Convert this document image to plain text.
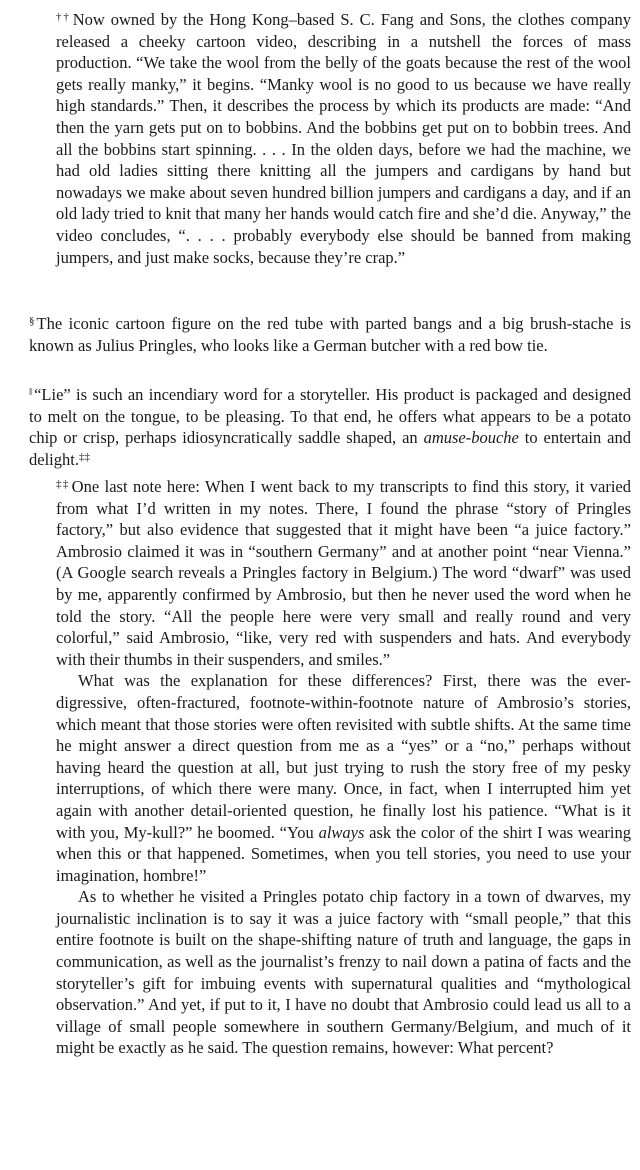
†† Now owned by the Hong Kong–based S. C. Fang and Sons, the clothes company released a cheeky cartoon video, describing in a nutshell the forces of mass production. “We take the wool from the belly of the goats because the rest of the wool gets really manky,” it begins. “Manky wool is no good to us because we have really high standards.” Then, it describes the process by which its products are made: “And then the yarn gets put on to bobbins. And the bobbins get put on to bobbin trees. And all the bobbins start spinning. . . . In the olden days, before we had the machine, we had old ladies sitting there knitting all the jumpers and cardigans by hand but nowadays we make about seven hundred billion jumpers and cardigans a day, and if an old lady tried to knit that many her hands would catch fire and she’d die. Anyway,” the video concludes, “. . . . probably everybody else should be banned from making jumpers, and just make socks, because they’re crap.”

§ The iconic cartoon figure on the red tube with parted bangs and a big brush-stache is known as Julius Pringles, who looks like a German butcher with a red bow tie.

‖ “Lie” is such an incendiary word for a storyteller. His product is packaged and designed to melt on the tongue, to be pleasing. To that end, he offers what appears to be a potato chip or crisp, perhaps idiosyncratically saddle shaped, an amuse-bouche to entertain and delight.‡‡

‡‡ One last note here: When I went back to my transcripts to find this story, it varied from what I’d written in my notes. There, I found the phrase “story of Pringles factory,” but also evidence that suggested that it might have been “a juice factory.” Ambrosio claimed it was in “southern Germany” and at another point “near Vienna.” (A Google search reveals a Pringles factory in Belgium.) The word “dwarf” was used by me, apparently confirmed by Ambrosio, but then he never used the word when he told the story. “All the people here were very small and really round and very colorful,” said Ambrosio, “like, very red with suspenders and hats. And everybody with their thumbs in their suspenders, and smiles.”

What was the explanation for these differences? First, there was the ever-digressive, often-fractured, footnote-within-footnote nature of Ambrosio’s stories, which meant that those stories were often revisited with subtle shifts. At the same time he might answer a direct question from me as a “yes” or a “no,” perhaps without having heard the question at all, but just trying to rush the story free of my pesky interruptions, of which there were many. Once, in fact, when I interrupted him yet again with another detail-oriented question, he finally lost his patience. “What is it with you, My-kull?” he boomed. “You always ask the color of the shirt I was wearing when this or that happened. Sometimes, when you tell stories, you need to use your imagination, hombre!”

As to whether he visited a Pringles potato chip factory in a town of dwarves, my journalistic inclination is to say it was a juice factory with “small people,” that this entire footnote is built on the shape-shifting nature of truth and language, the gaps in communication, as well as the journalist’s frenzy to nail down a patina of facts and the storyteller’s gift for imbuing events with supernatural qualities and “mythological observation.” And yet, if put to it, I have no doubt that Ambrosio could lead us all to a village of small people somewhere in southern Germany/Belgium, and much of it might be exactly as he said. The question remains, however: What percent?
